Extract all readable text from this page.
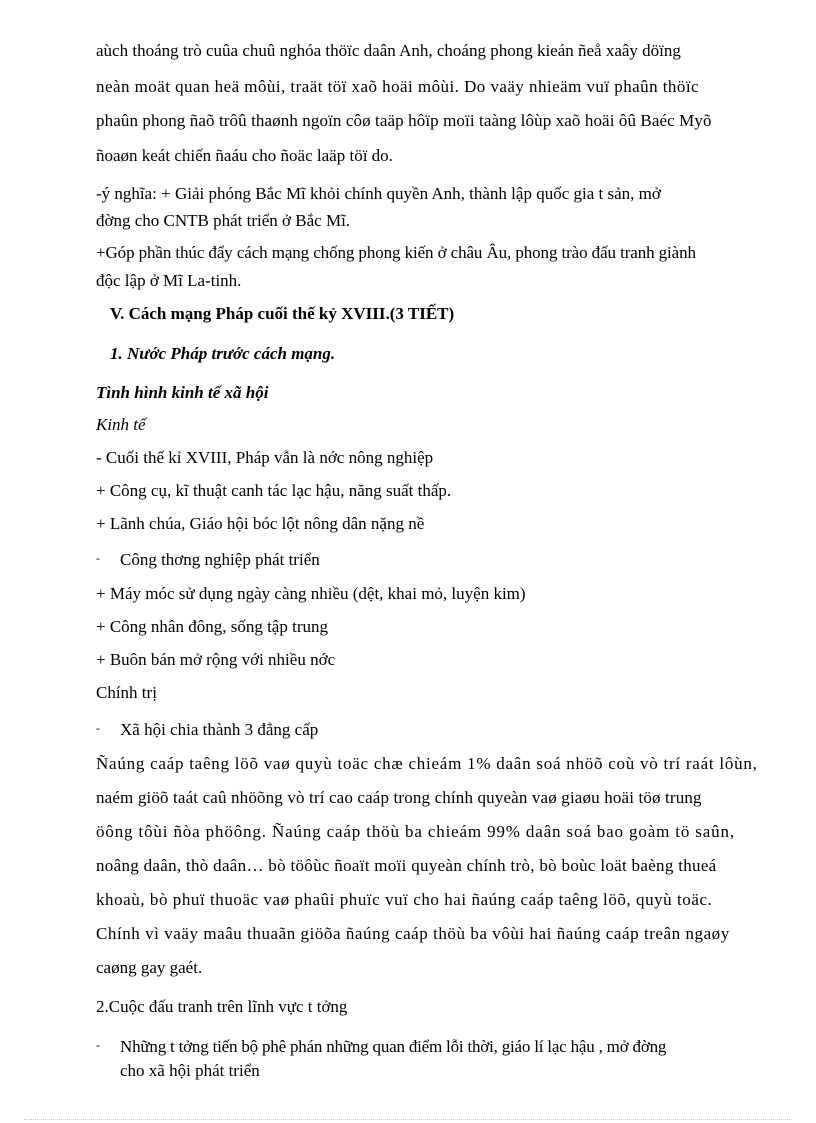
aùch thoáng trò cuûa chuû nghóa thöïc daân Anh, choáng phong kieán ñeå xaây döïng
neàn moät quan heä môùi, traät töï xaõ hoäi môùi. Do vaäy nhieäm vuï phaûn thöïc
phaûn phong ñaõ trôû thaønh ngoïn côø taäp hôïp moïi taàng lôùp xaõ hoäi ôû Baéc Myõ
ñoaøn keát chiến ñaáu cho ñoäc laäp töï do.
-ý nghĩa: + Giải phóng Bắc Mĩ khỏi chính quyền Anh, thành lập quốc gia t sản, mở
đờng cho CNTB phát triển ở Bắc Mĩ.
+Góp phần thúc đẩy cách mạng chống phong kiến ở châu Âu, phong trào đấu tranh giành
độc lập ở Mĩ La-tinh.
V. Cách mạng Pháp cuối thế kỷ XVIII.(3 TIẾT)
1. Nước Pháp trước cách mạng.
Tình hình kinh tế xã hội
Kinh tế
- Cuối thế kỉ XVIII, Pháp vẫn là nớc nông nghiệp
+ Công cụ, kĩ thuật canh tác lạc hậu, năng suất thấp.
+ Lãnh chúa, Giáo hội bóc lột nông dân nặng nề
- Công thơng nghiệp phát triển
+ Máy móc sử dụng ngày càng nhiều (dệt, khai mỏ, luyện kim)
+ Công nhân đông, sống tập trung
+ Buôn bán mở rộng với nhiều nớc
Chính trị
- Xã hội chia thành 3 đẳng cấp
Ñaúng caáp taêng löõ vaø quyù toäc chæ chieám 1% daân soá nhöõ coù vò trí raát lôùn,
naém giöõ taát caû nhöõng vò trí cao caáp trong chính quyeàn vaø giaøu hoäi töø trung
öông tôùi ñòa phöông. Ñaúng caáp thöù ba chieám 99% daân soá bao goàm tö saûn,
noâng daân, thò daân… bò töôùc ñoaït moïi quyeàn chính trò, bò boùc loät baèng thueá
khoaù, bò phuï thuoäc vaø phaûi phuïc vuï cho hai ñaúng caáp taêng löõ, quyù toäc.
Chính vì vaäy maâu thuaãn giöõa ñaúng caáp thöù ba vôùi hai ñaúng caáp treân ngaøy
caøng gay gaét.
2.Cuộc đấu tranh trên lĩnh vực t tởng
- Những t tởng tiến bộ phê phán những quan điểm lỗi thời, giáo lí lạc hậu , mở đờng
cho xã hội phát triển
